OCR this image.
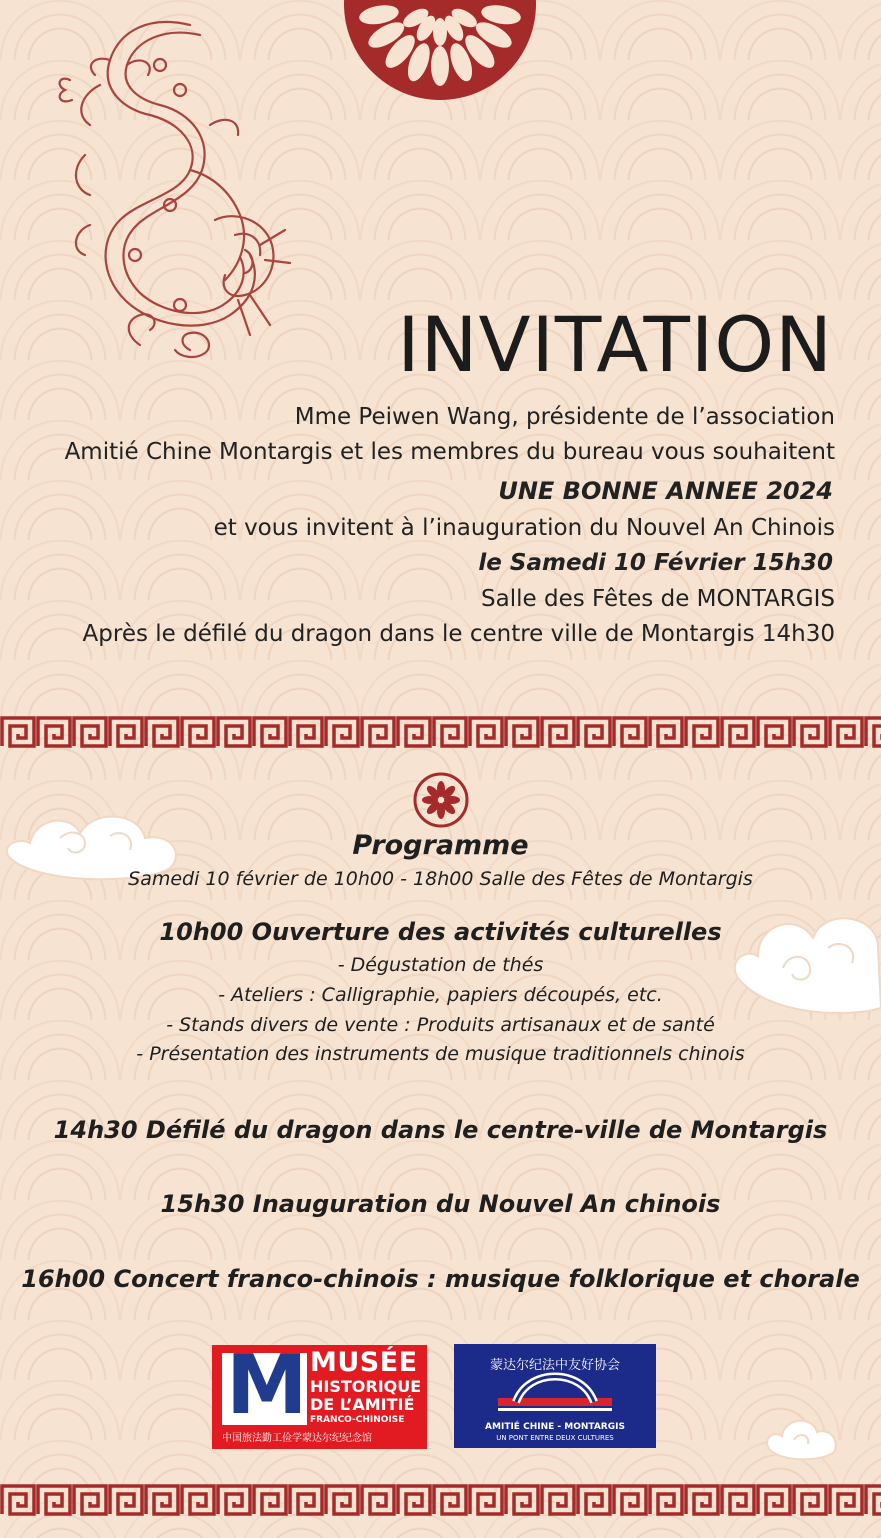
INVITATION
Mme Peiwen Wang, présidente de l’association
Amitié Chine Montargis et les membres du bureau vous souhaitent
UNE BONNE ANNEE 2024
et vous invitent à l’inauguration du Nouvel An Chinois
le Samedi 10 Février 15h30
Salle des Fêtes de MONTARGIS
Après le défilé du dragon dans le centre ville de Montargis 14h30
Programme
Samedi 10 février de 10h00 - 18h00 Salle des Fêtes de Montargis
10h00 Ouverture des activités culturelles
- Dégustation de thés
- Ateliers : Calligraphie, papiers découpés, etc.
- Stands divers de vente : Produits artisanaux et de santé
- Présentation des instruments de musique traditionnels chinois
14h30 Défilé du dragon dans le centre-ville de Montargis
15h30 Inauguration du Nouvel An chinois
16h00 Concert franco-chinois : musique folklorique et chorale
M MUSÉE
HISTORIQUE
DE L’AMITIÉ
FRANCO-CHINOISE
中国旅法勤工俭学蒙达尔纪纪念馆
蒙达尔纪法中友好协会
AMITIÉ CHINE - MONTARGIS
UN PONT ENTRE DEUX CULTURES
